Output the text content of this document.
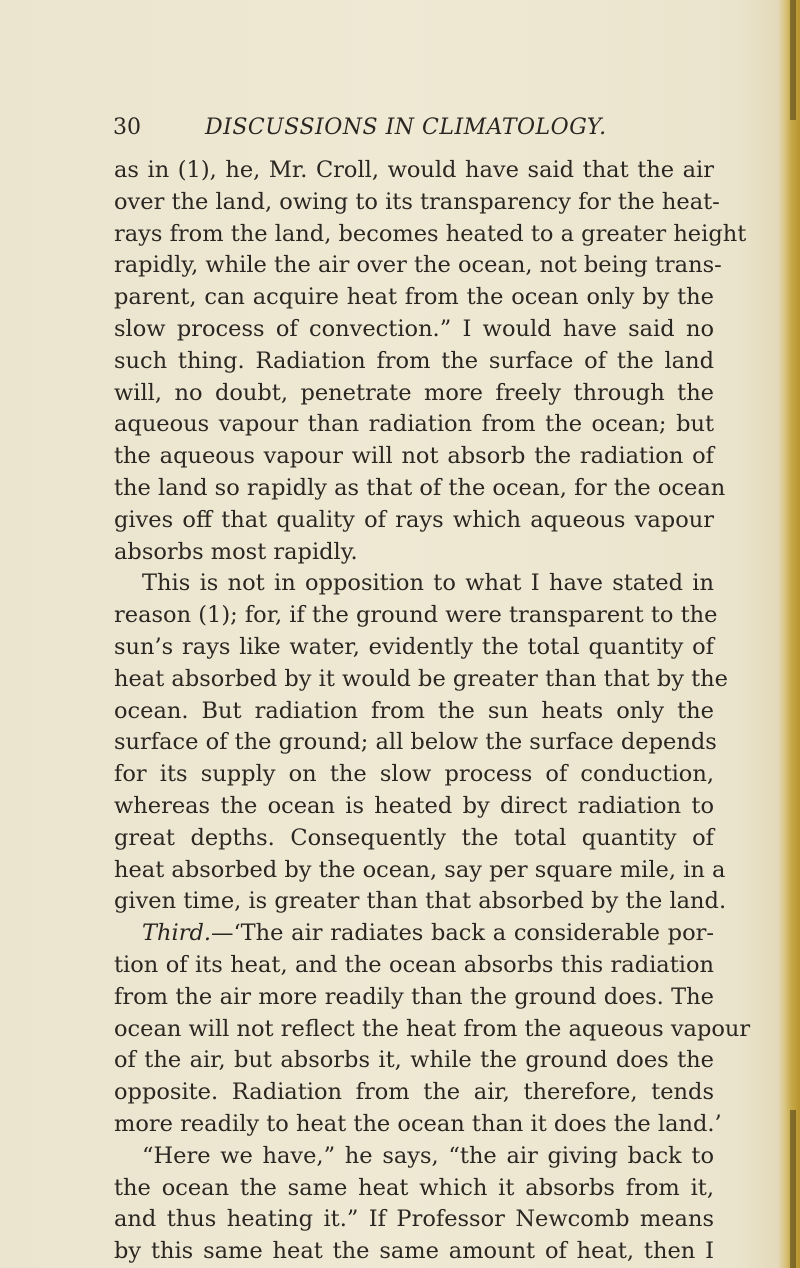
30	DISCUSSIONS IN CLIMATOLOGY.
as in (1), he, Mr. Croll, would have said that the air
over the land, owing to its transparency for the heat-
rays from the land, becomes heated to a greater height
rapidly, while the air over the ocean, not being trans-
parent, can acquire heat from the ocean only by the
slow process of convection.” I would have said no
such thing. Radiation from the surface of the land
will, no doubt, penetrate more freely through the
aqueous vapour than radiation from the ocean; but
the aqueous vapour will not absorb the radiation of
the land so rapidly as that of the ocean, for the ocean
gives off that quality of rays which aqueous vapour
absorbs most rapidly.
This is not in opposition to what I have stated in
reason (1); for, if the ground were transparent to the
sun’s rays like water, evidently the total quantity of
heat absorbed by it would be greater than that by the
ocean. But radiation from the sun heats only the
surface of the ground; all below the surface depends
for its supply on the slow process of conduction,
whereas the ocean is heated by direct radiation to
great depths. Consequently the total quantity of
heat absorbed by the ocean, say per square mile, in a
given time, is greater than that absorbed by the land.
Third.—‘The air radiates back a considerable por-
tion of its heat, and the ocean absorbs this radiation
from the air more readily than the ground does. The
ocean will not reflect the heat from the aqueous vapour
of the air, but absorbs it, while the ground does the
opposite. Radiation from the air, therefore, tends
more readily to heat the ocean than it does the land.’
“Here we have,” he says, “the air giving back to
the ocean the same heat which it absorbs from it,
and thus heating it.” If Professor Newcomb means
by this same heat the same amount of heat, then I
